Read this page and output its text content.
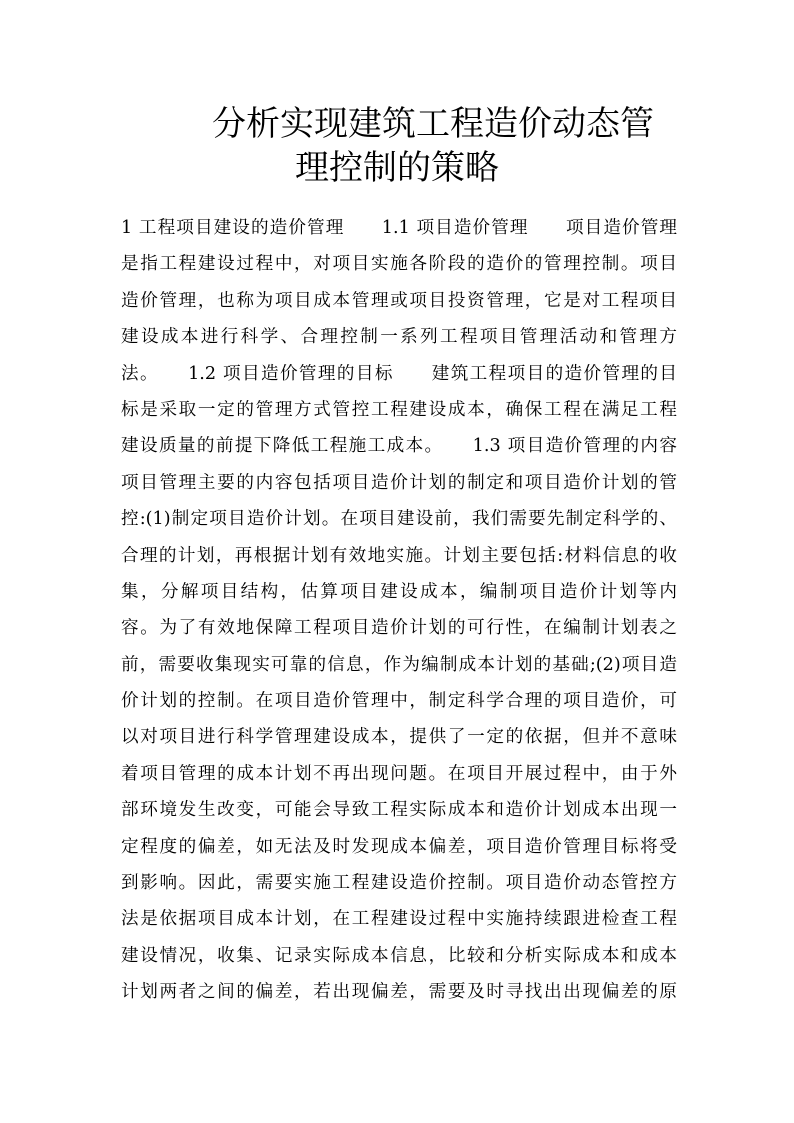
分析实现建筑工程造价动态管
理控制的策略
1 工程项目建设的造价管理　　1.1 项目造价管理　　项目造价管理
是指工程建设过程中，对项目实施各阶段的造价的管理控制。项目
造价管理，也称为项目成本管理或项目投资管理，它是对工程项目
建设成本进行科学、合理控制一系列工程项目管理活动和管理方
法。　　1.2 项目造价管理的目标　　建筑工程项目的造价管理的目
标是采取一定的管理方式管控工程建设成本，确保工程在满足工程
建设质量的前提下降低工程施工成本。　　1.3 项目造价管理的内容
项目管理主要的内容包括项目造价计划的制定和项目造价计划的管
控:(1)制定项目造价计划。在项目建设前，我们需要先制定科学的、
合理的计划，再根据计划有效地实施。计划主要包括:材料信息的收
集，分解项目结构，估算项目建设成本，编制项目造价计划等内
容。为了有效地保障工程项目造价计划的可行性，在编制计划表之
前，需要收集现实可靠的信息，作为编制成本计划的基础;(2)项目造
价计划的控制。在项目造价管理中，制定科学合理的项目造价，可
以对项目进行科学管理建设成本，提供了一定的依据，但并不意味
着项目管理的成本计划不再出现问题。在项目开展过程中，由于外
部环境发生改变，可能会导致工程实际成本和造价计划成本出现一
定程度的偏差，如无法及时发现成本偏差，项目造价管理目标将受
到影响。因此，需要实施工程建设造价控制。项目造价动态管控方
法是依据项目成本计划，在工程建设过程中实施持续跟进检查工程
建设情况，收集、记录实际成本信息，比较和分析实际成本和成本
计划两者之间的偏差，若出现偏差，需要及时寻找出出现偏差的原
